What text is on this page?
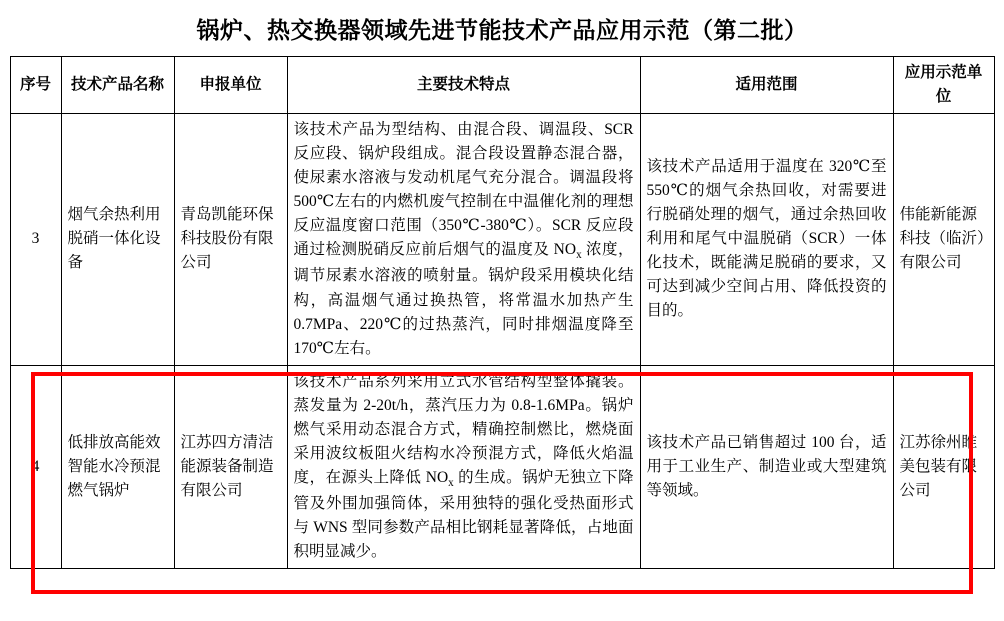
锅炉、热交换器领域先进节能技术产品应用示范（第二批）
序号	技术产品名称	申报单位	主要技术特点	适用范围	应用示范单位
3	烟气余热利用脱硝一体化设备	青岛凯能环保科技股份有限公司	该技术产品为型结构、由混合段、调温段、SCR 反应段、锅炉段组成。混合段设置静态混合器，使尿素水溶液与发动机尾气充分混合。调温段将 500℃左右的内燃机废气控制在中温催化剂的理想反应温度窗口范围（350℃-380℃）。SCR 反应段通过检测脱硝反应前后烟气的温度及 $NO_x$ 浓度，调节尿素水溶液的喷射量。锅炉段采用模块化结构，高温烟气通过换热管，将常温水加热产生 0.7MPa、220℃的过热蒸汽，同时排烟温度降至 170℃左右。	该技术产品适用于温度在 320℃至 550℃的烟气余热回收，对需要进行脱硝处理的烟气，通过余热回收利用和尾气中温脱硝（SCR）一体化技术，既能满足脱硝的要求，又可达到减少空间占用、降低投资的目的。	伟能新能源科技（临沂）有限公司
4	低排放高能效智能水冷预混燃气锅炉	江苏四方清洁能源装备制造有限公司	该技术产品系列采用立式水管结构型整体撬装。蒸发量为 2-20t/h，蒸汽压力为 0.8-1.6MPa。锅炉燃气采用动态混合方式，精确控制燃比，燃烧面采用波纹板阻火结构水冷预混方式，降低火焰温度，在源头上降低 $NO_x$ 的生成。锅炉无独立下降管及外围加强筒体，采用独特的强化受热面形式与 WNS 型同参数产品相比钢耗显著降低，占地面积明显减少。	该技术产品已销售超过 100 台，适用于工业生产、制造业或大型建筑等领域。	江苏徐州睢美包装有限公司
